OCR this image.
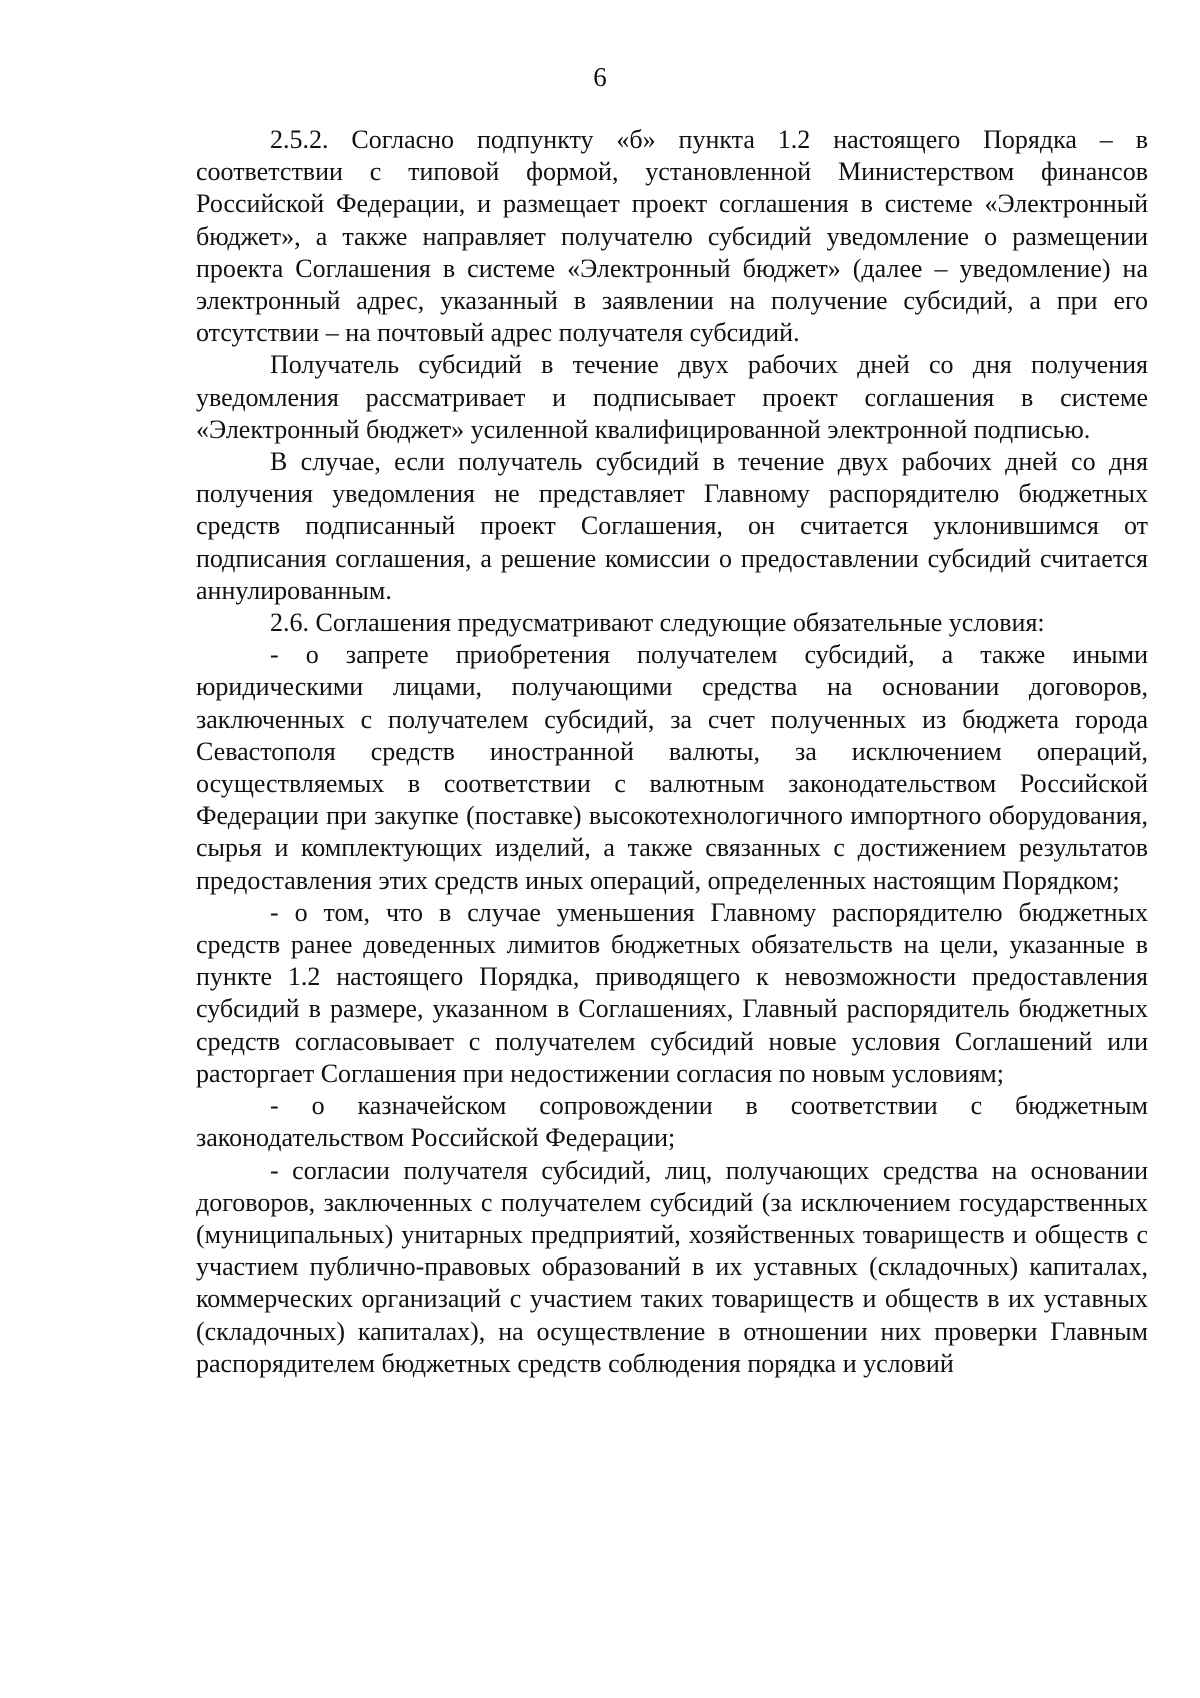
6

2.5.2. Согласно подпункту «б» пункта 1.2 настоящего Порядка – в соответствии с типовой формой, установленной Министерством финансов Российской Федерации, и размещает проект соглашения в системе «Электронный бюджет», а также направляет получателю субсидий уведомление о размещении проекта Соглашения в системе «Электронный бюджет» (далее – уведомление) на электронный адрес, указанный в заявлении на получение субсидий, а при его отсутствии – на почтовый адрес получателя субсидий.

Получатель субсидий в течение двух рабочих дней со дня получения уведомления рассматривает и подписывает проект соглашения в системе «Электронный бюджет» усиленной квалифицированной электронной подписью.

В случае, если получатель субсидий в течение двух рабочих дней со дня получения уведомления не представляет Главному распорядителю бюджетных средств подписанный проект Соглашения, он считается уклонившимся от подписания соглашения, а решение комиссии о предоставлении субсидий считается аннулированным.

2.6. Соглашения предусматривают следующие обязательные условия:

- о запрете приобретения получателем субсидий, а также иными юридическими лицами, получающими средства на основании договоров, заключенных с получателем субсидий, за счет полученных из бюджета города Севастополя средств иностранной валюты, за исключением операций, осуществляемых в соответствии с валютным законодательством Российской Федерации при закупке (поставке) высокотехнологичного импортного оборудования, сырья и комплектующих изделий, а также связанных с достижением результатов предоставления этих средств иных операций, определенных настоящим Порядком;

- о том, что в случае уменьшения Главному распорядителю бюджетных средств ранее доведенных лимитов бюджетных обязательств на цели, указанные в пункте 1.2 настоящего Порядка, приводящего к невозможности предоставления субсидий в размере, указанном в Соглашениях, Главный распорядитель бюджетных средств согласовывает с получателем субсидий новые условия Соглашений или расторгает Соглашения при недостижении согласия по новым условиям;

- о казначейском сопровождении в соответствии с бюджетным законодательством Российской Федерации;

- согласии получателя субсидий, лиц, получающих средства на основании договоров, заключенных с получателем субсидий (за исключением государственных (муниципальных) унитарных предприятий, хозяйственных товариществ и обществ с участием публично-правовых образований в их уставных (складочных) капиталах, коммерческих организаций с участием таких товариществ и обществ в их уставных (складочных) капиталах), на осуществление в отношении них проверки Главным распорядителем бюджетных средств соблюдения порядка и условий
